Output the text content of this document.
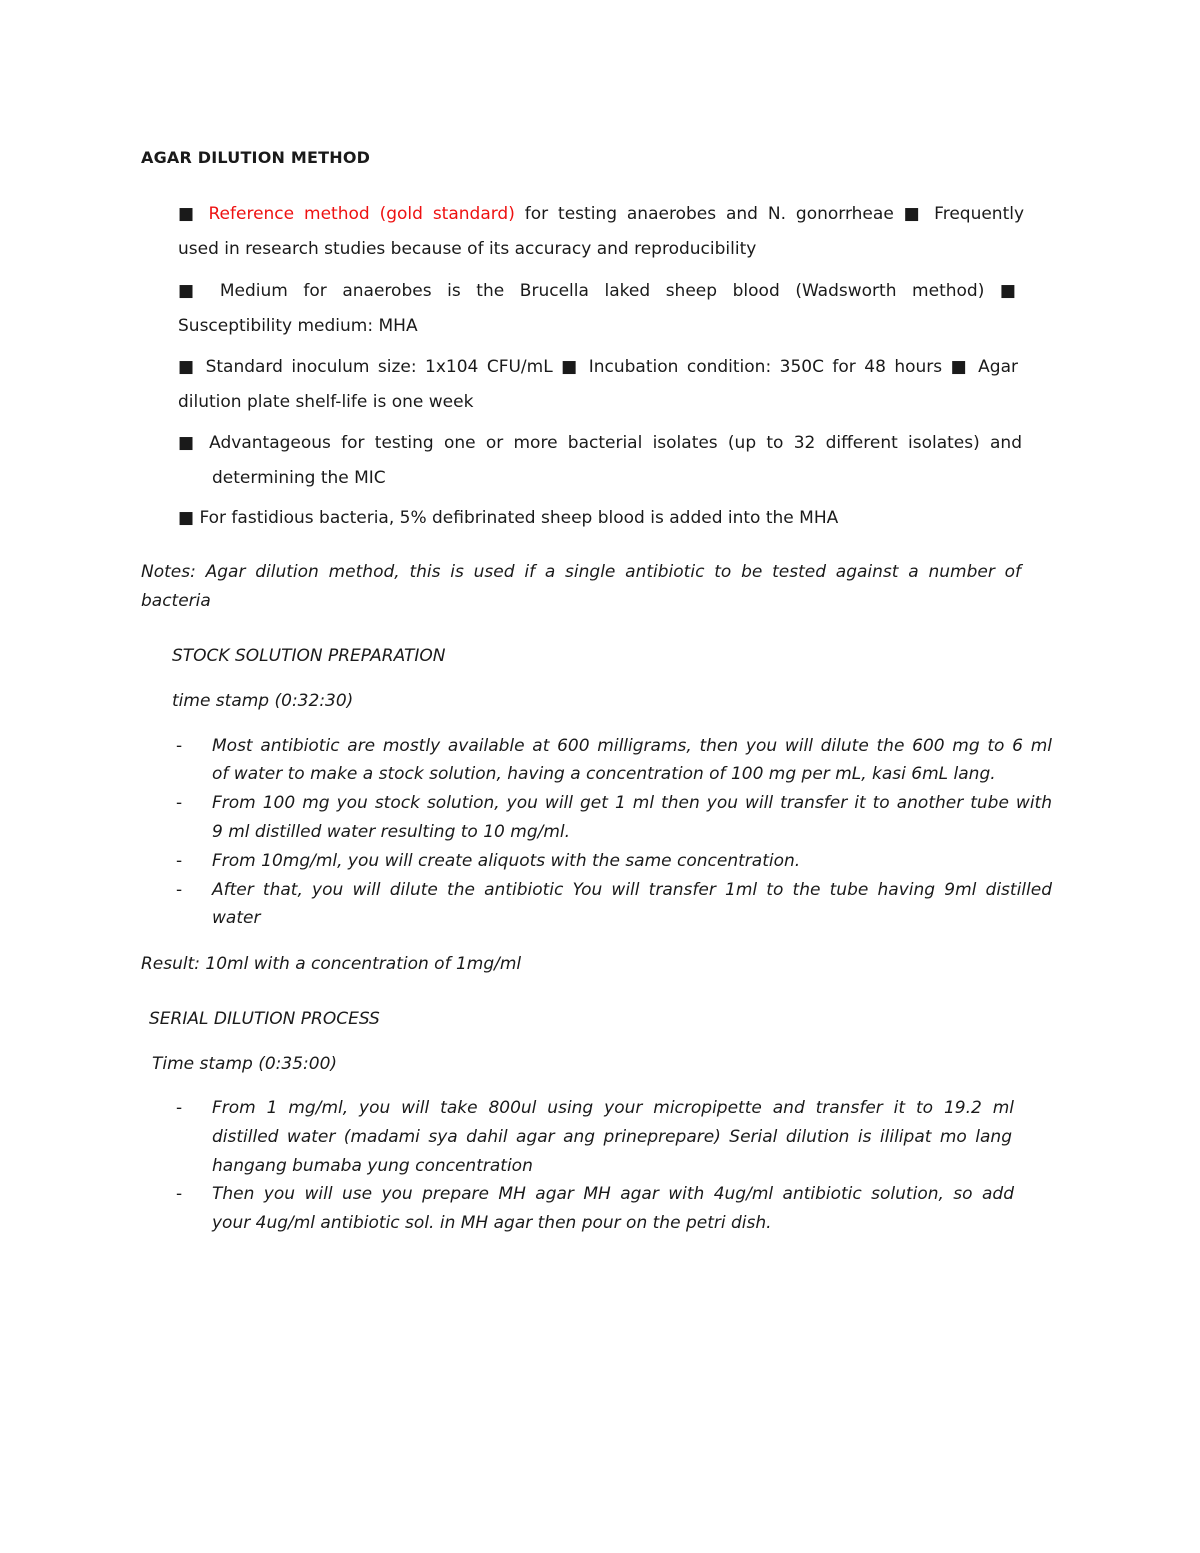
AGAR DILUTION METHOD
■ Reference method (gold standard) for testing anaerobes and N. gonorrheae ■ Frequently
used in research studies because of its accuracy and reproducibility
■ Medium for anaerobes is the Brucella laked sheep blood (Wadsworth method) ■
Susceptibility medium: MHA
■ Standard inoculum size: 1x104 CFU/mL ■ Incubation condition: 350C for 48 hours ■ Agar
dilution plate shelf-life is one week
■ Advantageous for testing one or more bacterial isolates (up to 32 different isolates) and
determining the MIC
■ For fastidious bacteria, 5% defibrinated sheep blood is added into the MHA
Notes: Agar dilution method, this is used if a single antibiotic to be tested against a number of
bacteria
STOCK SOLUTION PREPARATION
time stamp (0:32:30)
- Most antibiotic are mostly available at 600 milligrams, then you will dilute the 600 mg to 6 ml
of water to make a stock solution, having a concentration of 100 mg per mL, kasi 6mL lang.
- From 100 mg you stock solution, you will get 1 ml then you will transfer it to another tube with
9 ml distilled water resulting to 10 mg/ml.
- From 10mg/ml, you will create aliquots with the same concentration.
- After that, you will dilute the antibiotic You will transfer 1ml to the tube having 9ml distilled
water
Result: 10ml with a concentration of 1mg/ml
SERIAL DILUTION PROCESS
Time stamp (0:35:00)
- From 1 mg/ml, you will take 800ul using your micropipette and transfer it to 19.2 ml
distilled water (madami sya dahil agar ang prineprepare) Serial dilution is ililipat mo lang
hangang bumaba yung concentration
- Then you will use you prepare MH agar MH agar with 4ug/ml antibiotic solution, so add
your 4ug/ml antibiotic sol. in MH agar then pour on the petri dish.
